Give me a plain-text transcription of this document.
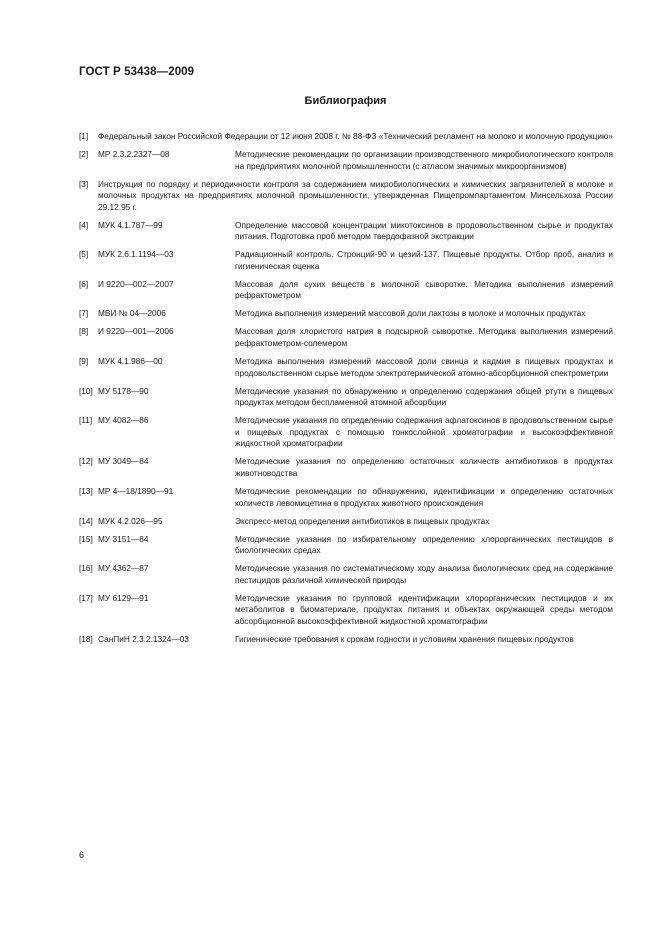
ГОСТ Р 53438—2009
Библиография
[1] Федеральный закон Российской Федерации от 12 июня 2008 г. № 88-ФЗ «Технический регламент на молоко и молочную продукцию»
[2] МР 2.3.2.2327—08	Методические рекомендации по организации производственного микробиологического контроля на предприятиях молочной промышленности (с атласом значимых микроорганизмов)
[3] Инструкция по порядку и периодичности контроля за содержанием микробиологических и химических загрязнителей в молоке и молочных продуктах на предприятиях молочной промышленности, утвержденная Пищепромпартаментом Минсельхоза России 29.12.95 г.
[4] МУК 4.1.787—99	Определение массовой концентрации микотоксинов в продовольственном сырье и продуктах питания. Подготовка проб методом твердофазной экстракции
[5] МУК 2.6.1.1194—03	Радиационный контроль. Стронций-90 и цезий-137. Пищевые продукты. Отбор проб, анализ и гигиеническая оценка
[6] И 9220—002—2007	Массовая доля сухих веществ в молочной сыворотке. Методика выполнения измерений рефрактометром
[7] МВИ № 04—2006	Методика выполнения измерений массовой доли лактозы в молоке и молочных продуктах
[8] И 9220—001—2006	Массовая доля хлористого натрия в подсырной сыворотке. Методика выполнения измерений рефрактометром-солемером
[9] МУК 4.1.986—00	Методика выполнения измерений массовой доли свинца и кадмия в пищевых продуктах и продовольственном сырье методом электротермической атомно-абсорбционной спектрометрии
[10] МУ 5178—90	Методические указания по обнаружению и определению содержания общей ртути в пищевых продуктах методом беспламенной атомной абсорбции
[11] МУ 4082—86	Методические указания по определению содержания афлатоксинов в продовольственном сырье и пищевых продуктах с помощью тонкослойной хроматографии и высокоэффективной жидкостной хроматографии
[12] МУ 3049—84	Методические указания по определению остаточных количеств антибиотиков в продуктах животноводства
[13] МР 4—18/1890—91	Методические рекомендации по обнаружению, идентификации и определению остаточных количеств левомицетина в продуктах животного происхождения
[14] МУК 4.2.026—95	Экспресс-метод определения антибиотиков в пищевых продуктах
[15] МУ 3151—84	Методические указания по избирательному определению хлорорганических пестицидов в биологических средах
[16] МУ 4362—87	Методические указания по систематическому ходу анализа биологических сред на содержание пестицидов различной химической природы
[17] МУ 6129—91	Методические указания по групповой идентификации хлорорганических пестицидов и их метаболитов в биоматериале, продуктах питания и объектах окружающей среды методом абсорбционной высокоэффективной жидкостной хроматографии
[18] СанПиН 2.3.2.1324—03	Гигиенические требования к срокам годности и условиям хранения пищевых продуктов
6
